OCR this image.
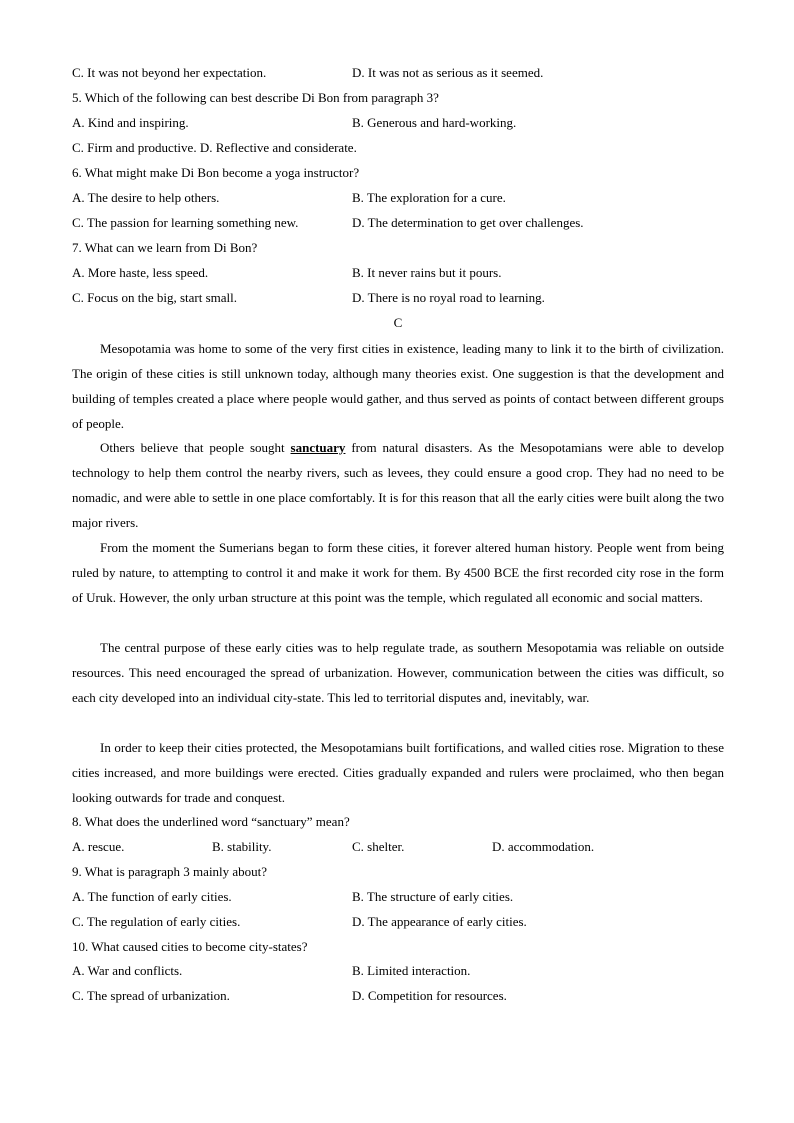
C. It was not beyond her expectation.	D. It was not as serious as it seemed.
5. Which of the following can best describe Di Bon from paragraph 3?
A. Kind and inspiring.	B. Generous and hard-working.
C. Firm and productive. D. Reflective and considerate.
6. What might make Di Bon become a yoga instructor?
A. The desire to help others.	B. The exploration for a cure.
C. The passion for learning something new.	D. The determination to get over challenges.
7. What can we learn from Di Bon?
A. More haste, less speed.	B. It never rains but it pours.
C. Focus on the big, start small.	D. There is no royal road to learning.
C
Mesopotamia was home to some of the very first cities in existence, leading many to link it to the birth of civilization. The origin of these cities is still unknown today, although many theories exist. One suggestion is that the development and building of temples created a place where people would gather, and thus served as points of contact between different groups of people.
Others believe that people sought sanctuary from natural disasters. As the Mesopotamians were able to develop technology to help them control the nearby rivers, such as levees, they could ensure a good crop. They had no need to be nomadic, and were able to settle in one place comfortably. It is for this reason that all the early cities were built along the two major rivers.
From the moment the Sumerians began to form these cities, it forever altered human history. People went from being ruled by nature, to attempting to control it and make it work for them. By 4500 BCE the first recorded city rose in the form of Uruk. However, the only urban structure at this point was the temple, which regulated all economic and social matters.
The central purpose of these early cities was to help regulate trade, as southern Mesopotamia was reliable on outside resources. This need encouraged the spread of urbanization. However, communication between the cities was difficult, so each city developed into an individual city-state. This led to territorial disputes and, inevitably, war.
In order to keep their cities protected, the Mesopotamians built fortifications, and walled cities rose. Migration to these cities increased, and more buildings were erected. Cities gradually expanded and rulers were proclaimed, who then began looking outwards for trade and conquest.
8. What does the underlined word “sanctuary” mean?
A. rescue.	B. stability.	C. shelter.	D. accommodation.
9. What is paragraph 3 mainly about?
A. The function of early cities.	B. The structure of early cities.
C. The regulation of early cities.	D. The appearance of early cities.
10. What caused cities to become city-states?
A. War and conflicts.	B. Limited interaction.
C. The spread of urbanization.	D. Competition for resources.
